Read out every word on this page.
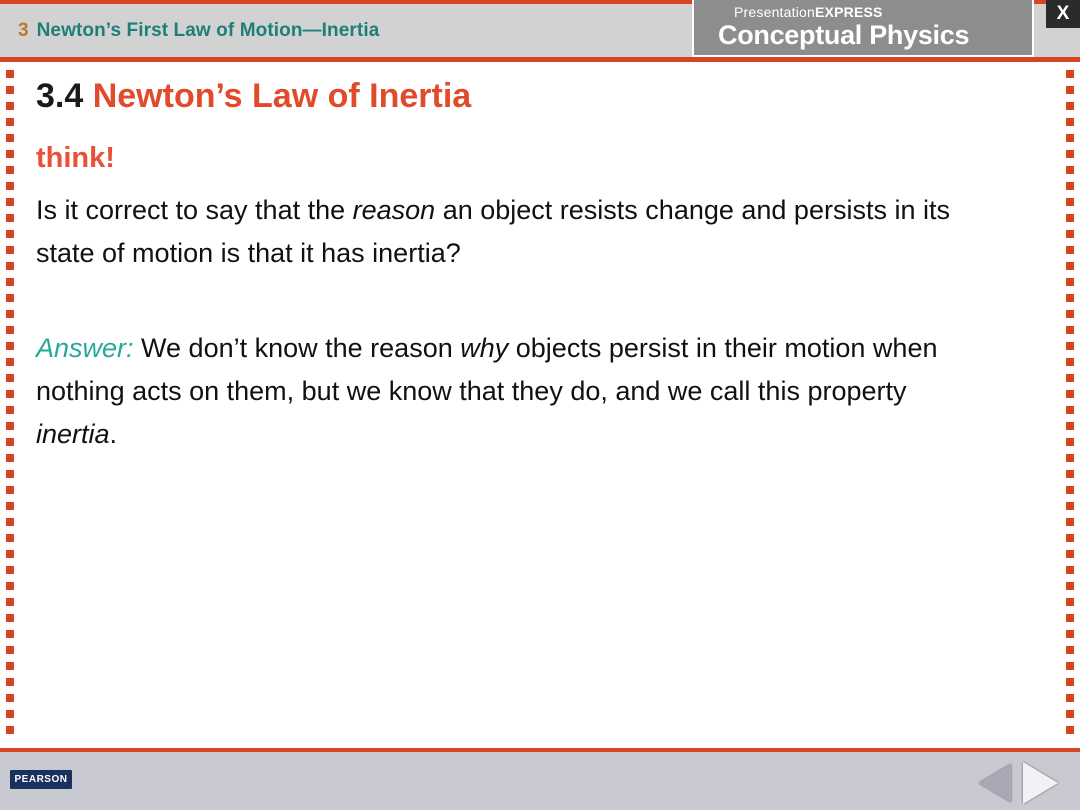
3 Newton’s First Law of Motion—Inertia
PresentationEXPRESS
Conceptual Physics
X
3.4 Newton’s Law of Inertia
think!

Is it correct to say that the reason an object resists change and persists in its state of motion is that it has inertia?

Answer: We don’t know the reason why objects persist in their motion when nothing acts on them, but we know that they do, and we call this property inertia.

PEARSON
